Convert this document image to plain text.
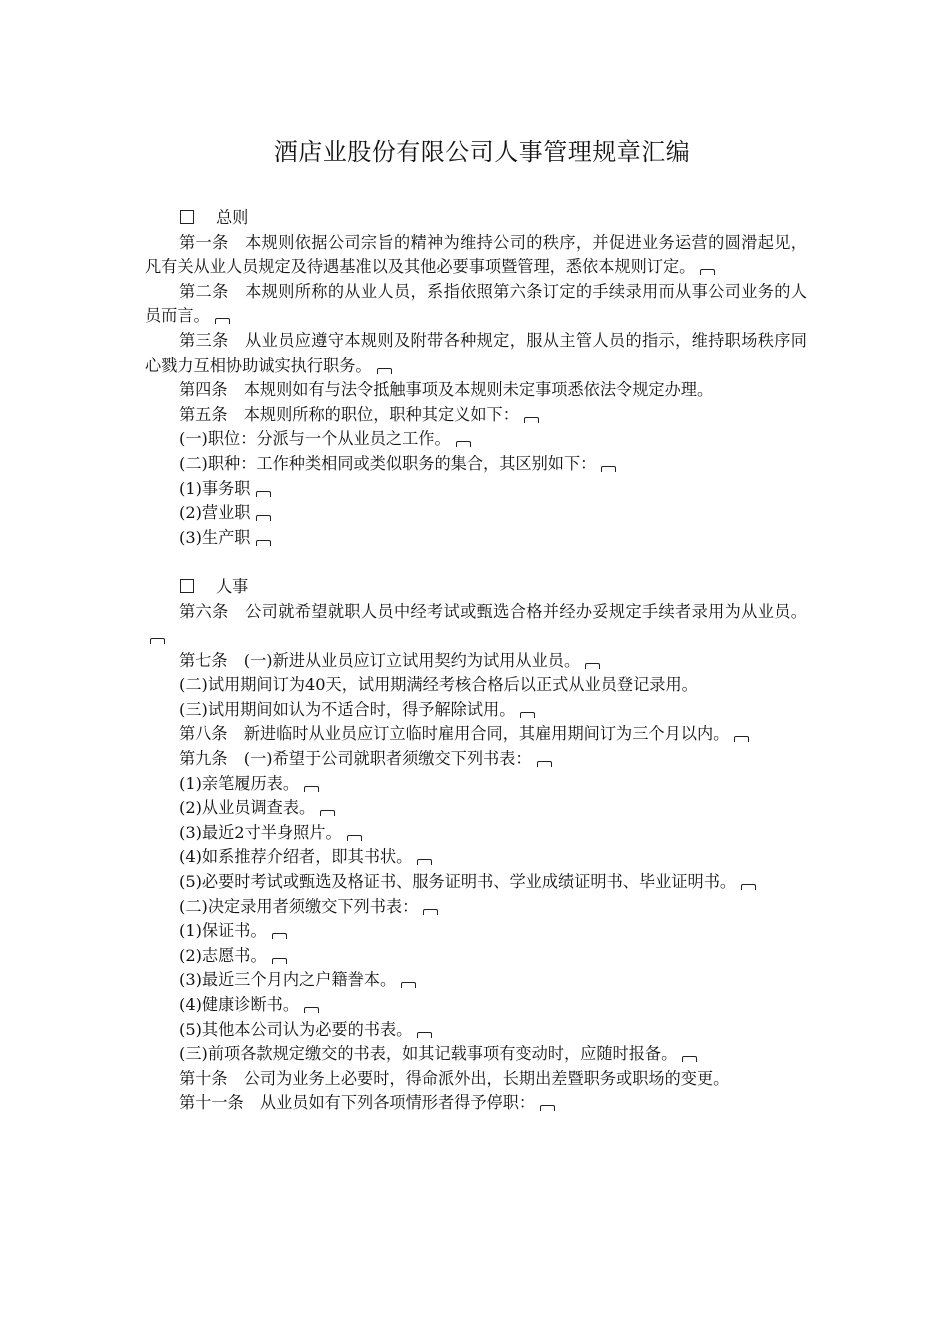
酒店业股份有限公司人事管理规章汇编
总则
第一条　本规则依据公司宗旨的精神为维持公司的秩序，并促进业务运营的圆滑起见，凡有关从业人员规定及待遇基准以及其他必要事项暨管理，悉依本规则订定。
第二条　本规则所称的从业人员，系指依照第六条订定的手续录用而从事公司业务的人员而言。
第三条　从业员应遵守本规则及附带各种规定，服从主管人员的指示，维持职场秩序同心戮力互相协助诚实执行职务。
第四条　本规则如有与法令抵触事项及本规则未定事项悉依法令规定办理。
第五条　本规则所称的职位，职种其定义如下：
(一)职位：分派与一个从业员之工作。
(二)职种：工作种类相同或类似职务的集合，其区别如下：
(1)事务职
(2)营业职
(3)生产职
人事
第六条　公司就希望就职人员中经考试或甄选合格并经办妥规定手续者录用为从业员。
第七条　(一)新进从业员应订立试用契约为试用从业员。
(二)试用期间订为40天，试用期满经考核合格后以正式从业员登记录用。
(三)试用期间如认为不适合时，得予解除试用。
第八条　新进临时从业员应订立临时雇用合同，其雇用期间订为三个月以内。
第九条　(一)希望于公司就职者须缴交下列书表：
(1)亲笔履历表。
(2)从业员调查表。
(3)最近2寸半身照片。
(4)如系推荐介绍者，即其书状。
(5)必要时考试或甄选及格证书、服务证明书、学业成绩证明书、毕业证明书。
(二)决定录用者须缴交下列书表：
(1)保证书。
(2)志愿书。
(3)最近三个月内之户籍誊本。
(4)健康诊断书。
(5)其他本公司认为必要的书表。
(三)前项各款规定缴交的书表，如其记载事项有变动时，应随时报备。
第十条　公司为业务上必要时，得命派外出，长期出差暨职务或职场的变更。
第十一条　从业员如有下列各项情形者得予停职：
